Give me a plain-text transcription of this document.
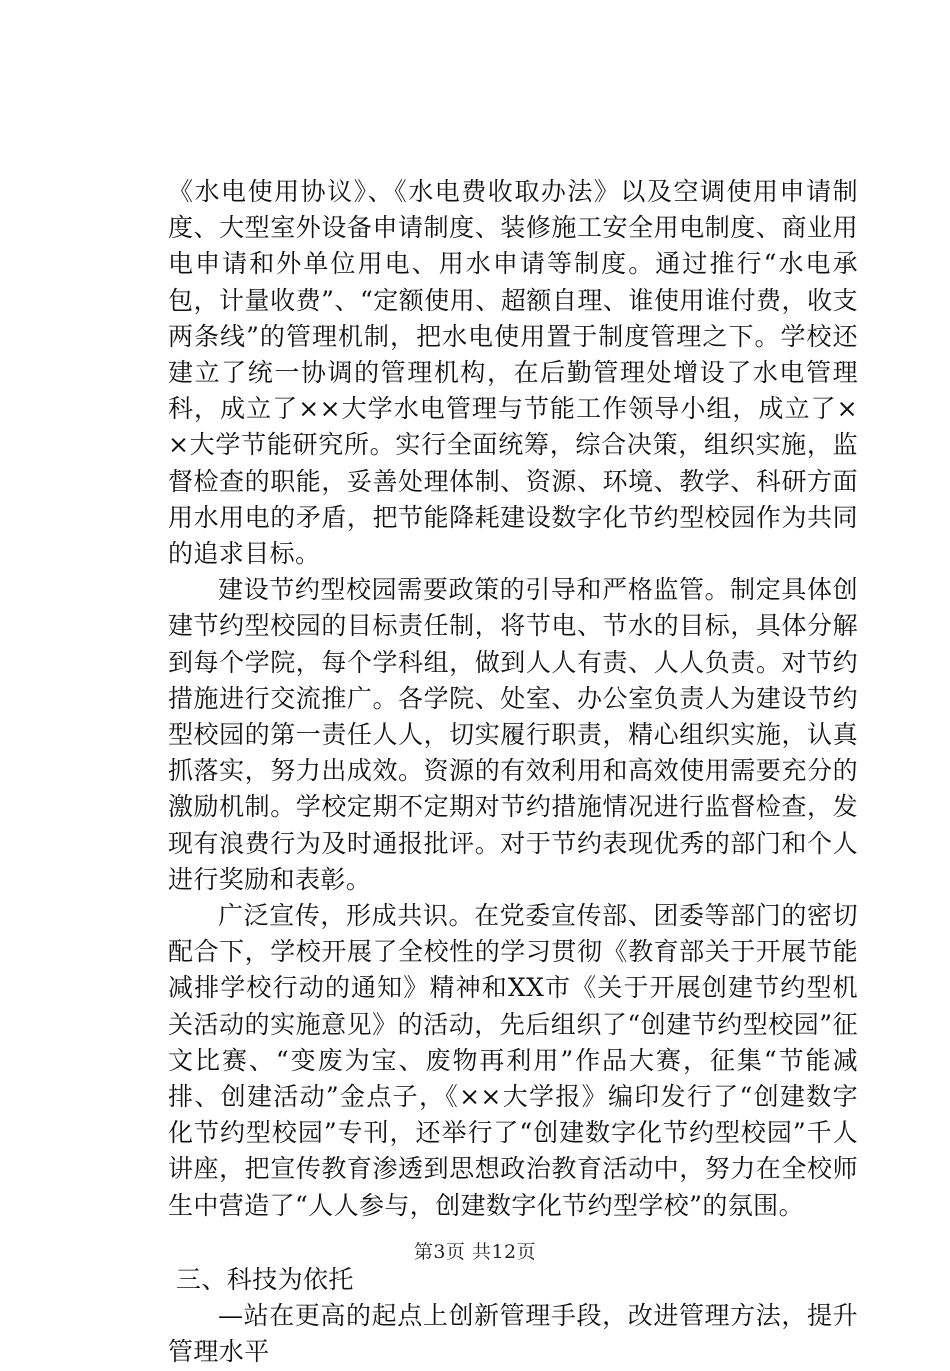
《水电使用协议》、《水电费收取办法》以及空调使用申请制度、大型室外设备申请制度、装修施工安全用电制度、商业用电申请和外单位用电、用水申请等制度。通过推行“水电承包，计量收费”、“定额使用、超额自理、谁使用谁付费，收支两条线”的管理机制，把水电使用置于制度管理之下。学校还建立了统一协调的管理机构，在后勤管理处增设了水电管理科，成立了××大学水电管理与节能工作领导小组，成立了××大学节能研究所。实行全面统筹，综合决策，组织实施，监督检查的职能，妥善处理体制、资源、环境、教学、科研方面用水用电的矛盾，把节能降耗建设数字化节约型校园作为共同的追求目标。

建设节约型校园需要政策的引导和严格监管。制定具体创建节约型校园的目标责任制，将节电、节水的目标，具体分解到每个学院，每个学科组，做到人人有责、人人负责。对节约措施进行交流推广。各学院、处室、办公室负责人为建设节约型校园的第一责任人人，切实履行职责，精心组织实施，认真抓落实，努力出成效。资源的有效利用和高效使用需要充分的激励机制。学校定期不定期对节约措施情况进行监督检查，发现有浪费行为及时通报批评。对于节约表现优秀的部门和个人进行奖励和表彰。

广泛宣传，形成共识。在党委宣传部、团委等部门的密切配合下，学校开展了全校性的学习贯彻《教育部关于开展节能减排学校行动的通知》精神和XX市《关于开展创建节约型机关活动的实施意见》的活动，先后组织了“创建节约型校园”征文比赛、“变废为宝、废物再利用”作品大赛，征集“节能减排、创建活动”金点子，《××大学报》编印发行了“创建数字化节约型校园”专刊，还举行了“创建数字化节约型校园”千人讲座，把宣传教育渗透到思想政治教育活动中，努力在全校师生中营造了“人人参与，创建数字化节约型学校”的氛围。

三、科技为依托

—站在更高的起点上创新管理手段，改进管理方法，提升管理水平

第3页 共12页
